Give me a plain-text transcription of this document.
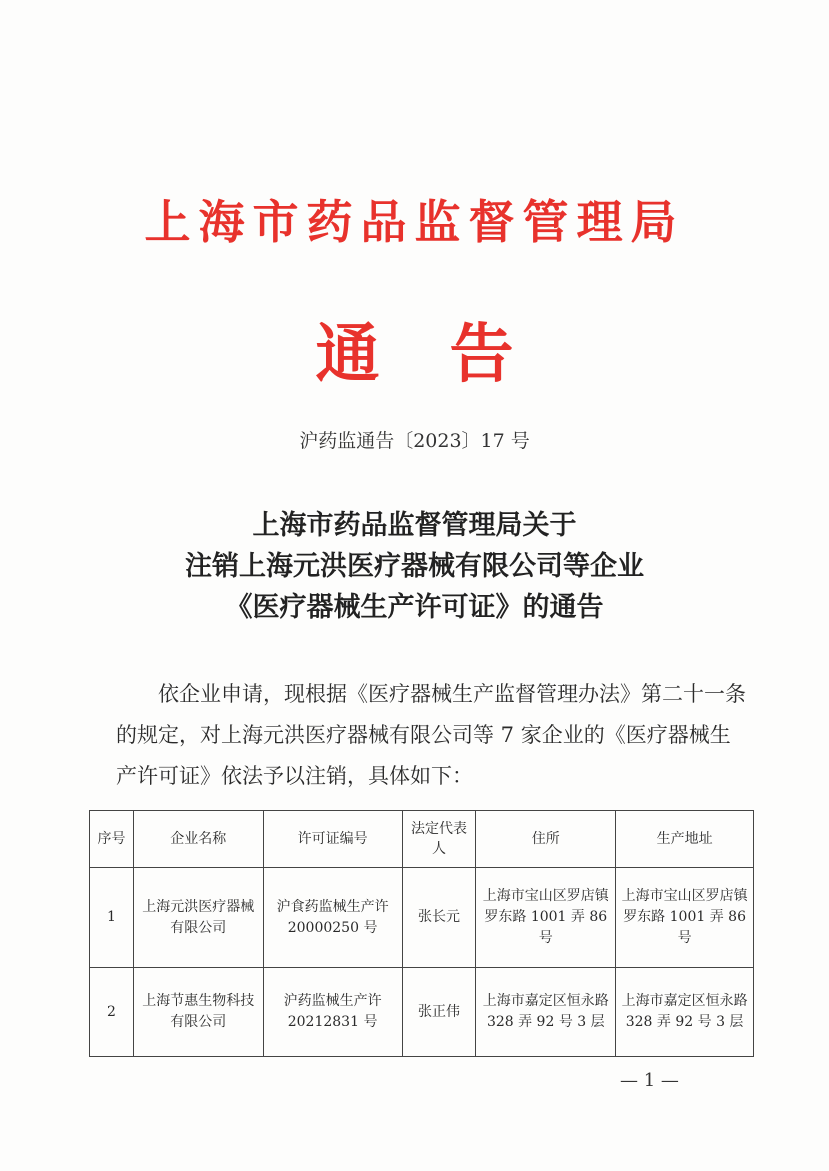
上海市药品监督管理局
通告
沪药监通告〔2023〕17 号
上海市药品监督管理局关于
注销上海元洪医疗器械有限公司等企业
《医疗器械生产许可证》的通告
依企业申请，现根据《医疗器械生产监督管理办法》第二十一条的规定，对上海元洪医疗器械有限公司等 7 家企业的《医疗器械生产许可证》依法予以注销，具体如下：
序号	企业名称	许可证编号	法定代表人	住所	生产地址
1	上海元洪医疗器械有限公司	沪食药监械生产许 20000250 号	张长元	上海市宝山区罗店镇罗东路 1001 弄 86 号	上海市宝山区罗店镇罗东路 1001 弄 86 号
2	上海节惠生物科技有限公司	沪药监械生产许 20212831 号	张正伟	上海市嘉定区恒永路 328 弄 92 号 3 层	上海市嘉定区恒永路 328 弄 92 号 3 层
— 1 —
